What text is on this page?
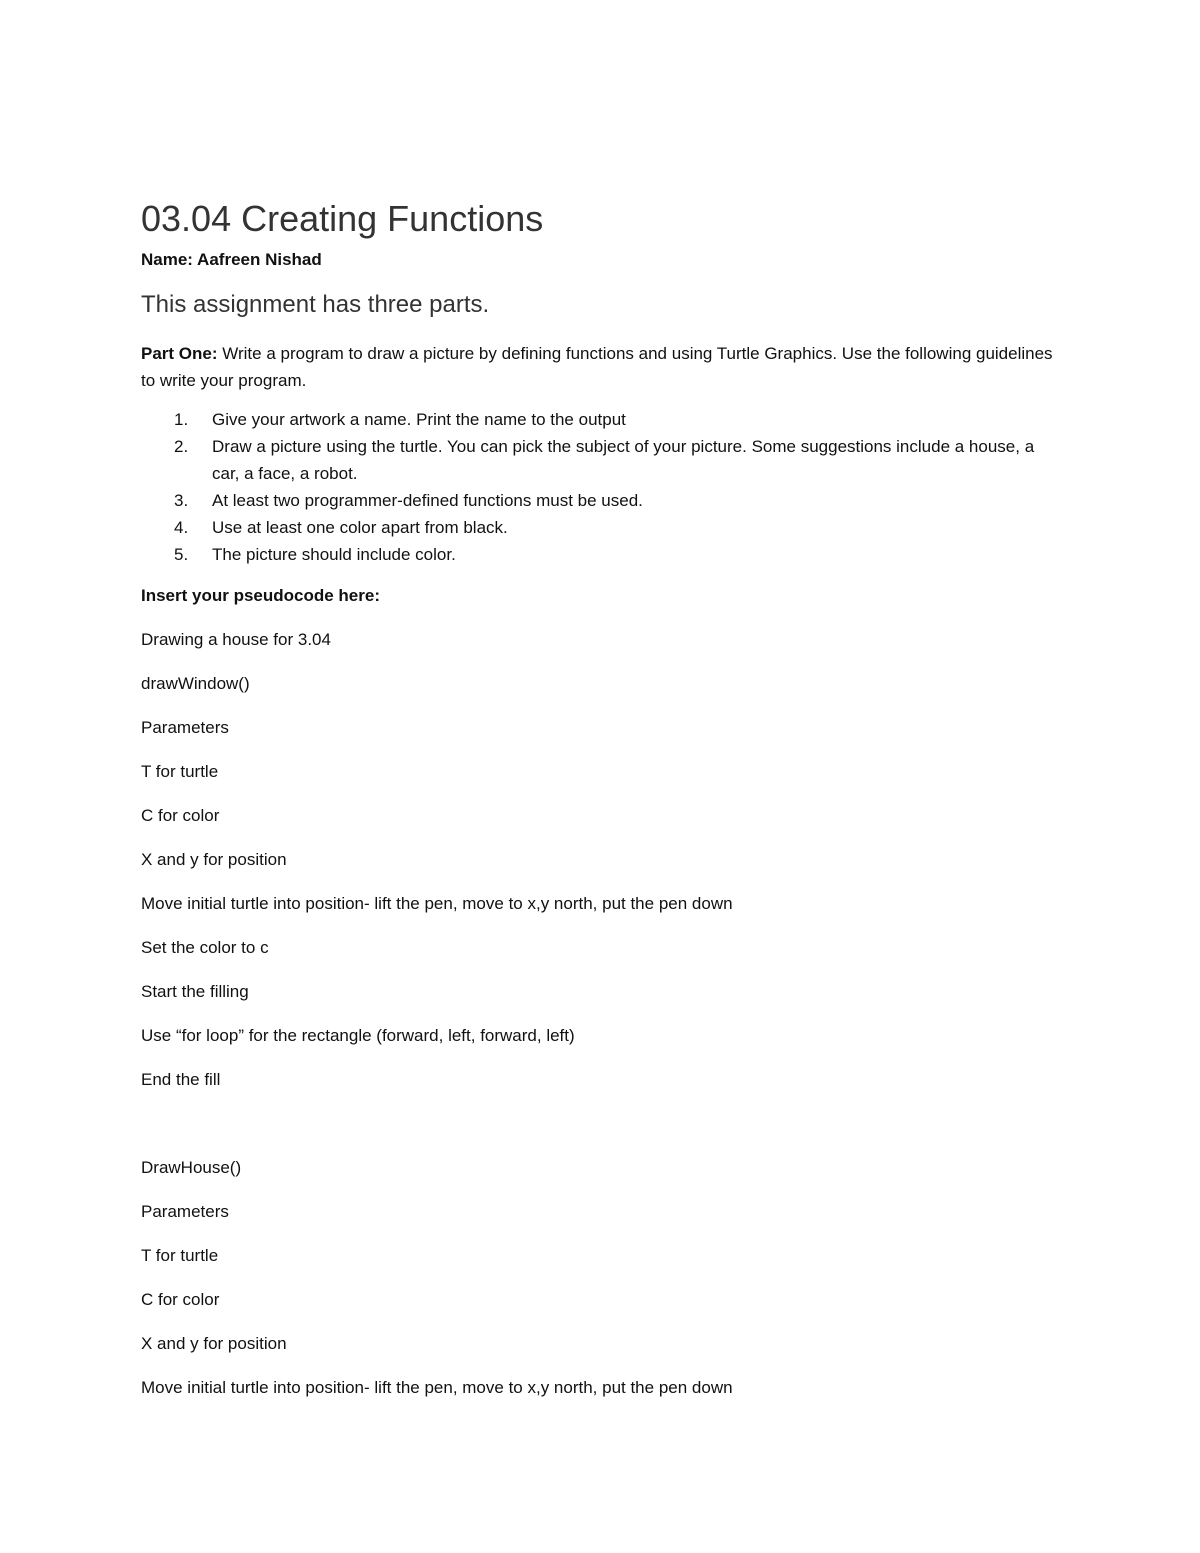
03.04 Creating Functions
Name: Aafreen Nishad
This assignment has three parts.
Part One: Write a program to draw a picture by defining functions and using Turtle Graphics. Use the following guidelines to write your program.
1. Give your artwork a name. Print the name to the output
2. Draw a picture using the turtle. You can pick the subject of your picture. Some suggestions include a house, a car, a face, a robot.
3. At least two programmer-defined functions must be used.
4. Use at least one color apart from black.
5. The picture should include color.
Insert your pseudocode here:
Drawing a house for 3.04
drawWindow()
Parameters
T for turtle
C for color
X and y for position
Move initial turtle into position- lift the pen, move to x,y north, put the pen down
Set the color to c
Start the filling
Use “for loop” for the rectangle (forward, left, forward, left)
End the fill
DrawHouse()
Parameters
T for turtle
C for color
X and y for position
Move initial turtle into position- lift the pen, move to x,y north, put the pen down
